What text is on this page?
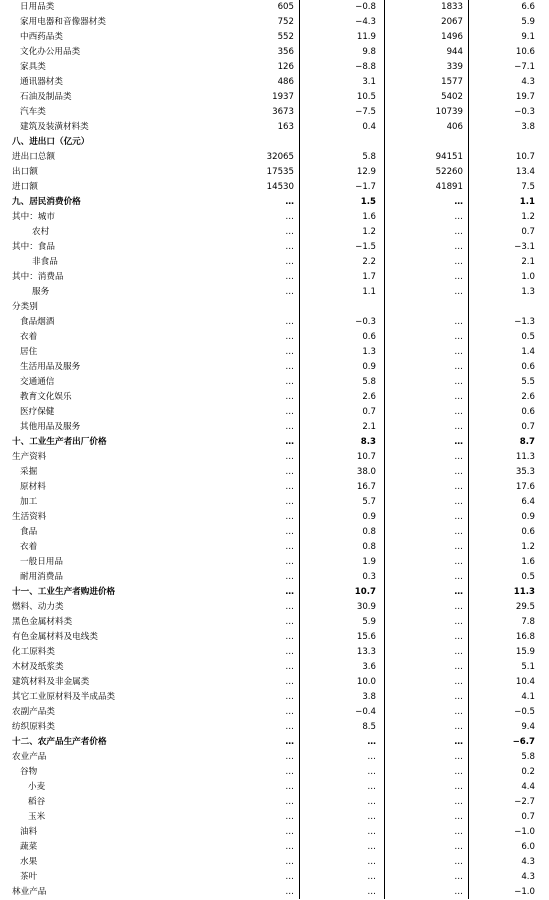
日用品类	605	−0.8	1833	6.6
家用电器和音像器材类	752	−4.3	2067	5.9
中西药品类	552	11.9	1496	9.1
文化办公用品类	356	9.8	944	10.6
家具类	126	−8.8	339	−7.1
通讯器材类	486	3.1	1577	4.3
石油及制品类	1937	10.5	5402	19.7
汽车类	3673	−7.5	10739	−0.3
建筑及装潢材料类	163	0.4	406	3.8
八、进出口（亿元）
进出口总额	32065	5.8	94151	10.7
出口额	17535	12.9	52260	13.4
进口额	14530	−1.7	41891	7.5
九、居民消费价格	…	1.5	…	1.1
其中：城市	…	1.6	…	1.2
农村	…	1.2	…	0.7
其中：食品	…	−1.5	…	−3.1
非食品	…	2.2	…	2.1
其中：消费品	…	1.7	…	1.0
服务	…	1.1	…	1.3
分类别
食品烟酒	…	−0.3	…	−1.3
衣着	…	0.6	…	0.5
居住	…	1.3	…	1.4
生活用品及服务	…	0.9	…	0.6
交通通信	…	5.8	…	5.5
教育文化娱乐	…	2.6	…	2.6
医疗保健	…	0.7	…	0.6
其他用品及服务	…	2.1	…	0.7
十、工业生产者出厂价格	…	8.3	…	8.7
生产资料	…	10.7	…	11.3
采掘	…	38.0	…	35.3
原材料	…	16.7	…	17.6
加工	…	5.7	…	6.4
生活资料	…	0.9	…	0.9
食品	…	0.8	…	0.6
衣着	…	0.8	…	1.2
一般日用品	…	1.9	…	1.6
耐用消费品	…	0.3	…	0.5
十一、工业生产者购进价格	…	10.7	…	11.3
燃料、动力类	…	30.9	…	29.5
黑色金属材料类	…	5.9	…	7.8
有色金属材料及电线类	…	15.6	…	16.8
化工原料类	…	13.3	…	15.9
木材及纸浆类	…	3.6	…	5.1
建筑材料及非金属类	…	10.0	…	10.4
其它工业原材料及半成品类	…	3.8	…	4.1
农副产品类	…	−0.4	…	−0.5
纺织原料类	…	8.5	…	9.4
十二、农产品生产者价格	…	…	…	−6.7
农业产品	…	…	…	5.8
谷物	…	…	…	0.2
小麦	…	…	…	4.4
稻谷	…	…	…	−2.7
玉米	…	…	…	0.7
油料	…	…	…	−1.0
蔬菜	…	…	…	6.0
水果	…	…	…	4.3
茶叶	…	…	…	4.3
林业产品	…	…	…	−1.0
